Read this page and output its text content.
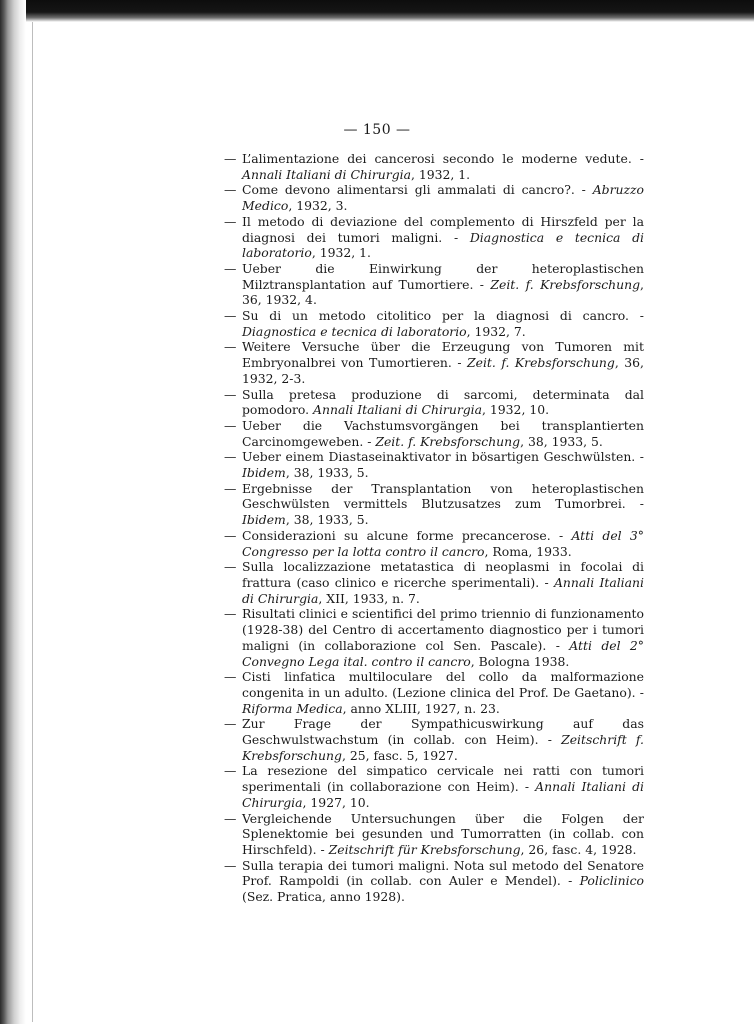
— 150 —

— L’alimentazione dei cancerosi secondo le moderne vedute. - Annali Italiani di Chirurgia, 1932, 1.

— Come devono alimentarsi gli ammalati di cancro?. - Abruzzo Medico, 1932, 3.

— Il metodo di deviazione del complemento di Hirszfeld per la diagnosi dei tumori maligni. - Diagnostica e tecnica di laboratorio, 1932, 1.

— Ueber die Einwirkung der heteroplastischen Milztransplantation auf Tumortiere. - Zeit. f. Krebsforschung, 36, 1932, 4.

— Su di un metodo citolitico per la diagnosi di cancro. - Diagnostica e tecnica di laboratorio, 1932, 7.

— Weitere Versuche über die Erzeugung von Tumoren mit Embryonalbrei von Tumortieren. - Zeit. f. Krebsforschung, 36, 1932, 2-3.

— Sulla pretesa produzione di sarcomi, determinata dal pomodoro. Annali Italiani di Chirurgia, 1932, 10.

— Ueber die Vachstumsvorgängen bei transplantierten Carcinomgeweben. - Zeit. f. Krebsforschung, 38, 1933, 5.

— Ueber einem Diastaseinaktivator in bösartigen Geschwülsten. - Ibidem, 38, 1933, 5.

— Ergebnisse der Transplantation von heteroplastischen Geschwülsten vermittels Blutzusatzes zum Tumorbrei. - Ibidem, 38, 1933, 5.

— Considerazioni su alcune forme precancerose. - Atti del 3° Congresso per la lotta contro il cancro, Roma, 1933.

— Sulla localizzazione metatastica di neoplasmi in focolai di frattura (caso clinico e ricerche sperimentali). - Annali Italiani di Chirurgia, XII, 1933, n. 7.

— Risultati clinici e scientifici del primo triennio di funzionamento (1928-38) del Centro di accertamento diagnostico per i tumori maligni (in collaborazione col Sen. Pascale). - Atti del 2° Convegno Lega ital. contro il cancro, Bologna 1938.

— Cisti linfatica multiloculare del collo da malformazione congenita in un adulto. (Lezione clinica del Prof. De Gaetano). - Riforma Medica, anno XLIII, 1927, n. 23.

— Zur Frage der Sympathicuswirkung auf das Geschwulstwachstum (in collab. con Heim). - Zeitschrift f. Krebsforschung, 25, fasc. 5, 1927.

— La resezione del simpatico cervicale nei ratti con tumori sperimentali (in collaborazione con Heim). - Annali Italiani di Chirurgia, 1927, 10.

— Vergleichende Untersuchungen über die Folgen der Splenektomie bei gesunden und Tumorratten (in collab. con Hirschfeld). - Zeitschrift für Krebsforschung, 26, fasc. 4, 1928.

— Sulla terapia dei tumori maligni. Nota sul metodo del Senatore Prof. Rampoldi (in collab. con Auler e Mendel). - Policlinico (Sez. Pratica, anno 1928).
